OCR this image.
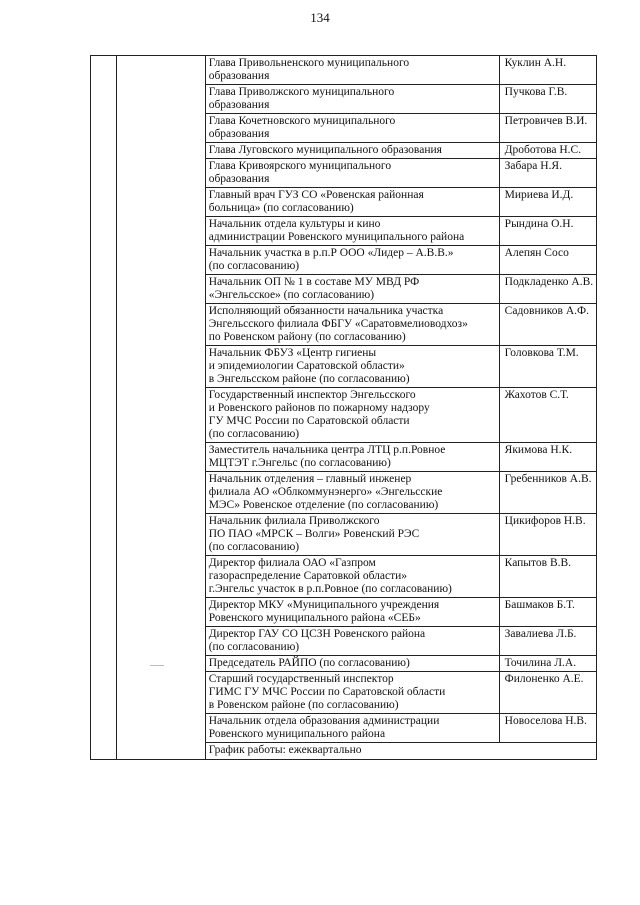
134

		Глава Привольненского муниципального
образования	Куклин А.Н.

		Глава Приволжского муниципального
образования	Пучкова Г.В.

		Глава Кочетновского муниципального
образования	Петровичев В.И.

		Глава Луговского муниципального образования	Дроботова Н.С.

		Глава Кривоярского муниципального
образования	Забара Н.Я.

		Главный врач ГУЗ СО «Ровенская районная
больница» (по согласованию)	Мириева И.Д.

		Начальник отдела культуры и кино
администрации Ровенского муниципального района	Рындина О.Н.

		Начальник участка в р.п.Р ООО «Лидер – А.В.В.»
(по согласованию)	Алепян Сосо

		Начальник ОП № 1 в составе МУ МВД РФ
«Энгельсское» (по согласованию)	Подкладенко А.В.

		Исполняющий обязанности начальника участка
Энгельсского филиала ФБГУ «Саратовмелиоводхоз»
по Ровенском району (по согласованию)	Садовников А.Ф.

		Начальник ФБУЗ «Центр гигиены
и эпидемиологии Саратовской области»
в Энгельсском районе (по согласованию)	Головкова Т.М.

		Государственный инспектор Энгельсского
и Ровенского районов по пожарному надзору
ГУ МЧС России по Саратовской области
(по согласованию)	Жахотов С.Т.

		Заместитель начальника центра ЛТЦ р.п.Ровное
МЦТЭТ г.Энгельс (по согласованию)	Якимова Н.К.

		Начальник отделения – главный инженер
филиала АО «Облкоммунэнерго» «Энгельсские
МЭС» Ровенское отделение (по согласованию)	Гребенников А.В.

		Начальник филиала Приволжского
ПО ПАО «МРСК – Волги» Ровенский РЭС
(по согласованию)	Цикифоров Н.В.

		Директор филиала ОАО «Газпром
газораспределение Саратовкой области»
г.Энгельс участок в р.п.Ровное (по согласованию)	Капытов В.В.

		Директор МКУ «Муниципального учреждения
Ровенского муниципального района «СЕБ»	Башмаков Б.Т.

		Директор ГАУ СО ЦСЗН Ровенского района
(по согласованию)	Завалиева Л.Б.

		Председатель РАЙПО (по согласованию)	Точилина Л.А.

		Старший государственный инспектор
ГИМС ГУ МЧС России по Саратовской области
в Ровенском районе (по согласованию)	Филоненко А.Е.

		Начальник отдела образования администрации
Ровенского муниципального района	Новоселова Н.В.
		График работы: ежеквартально	
